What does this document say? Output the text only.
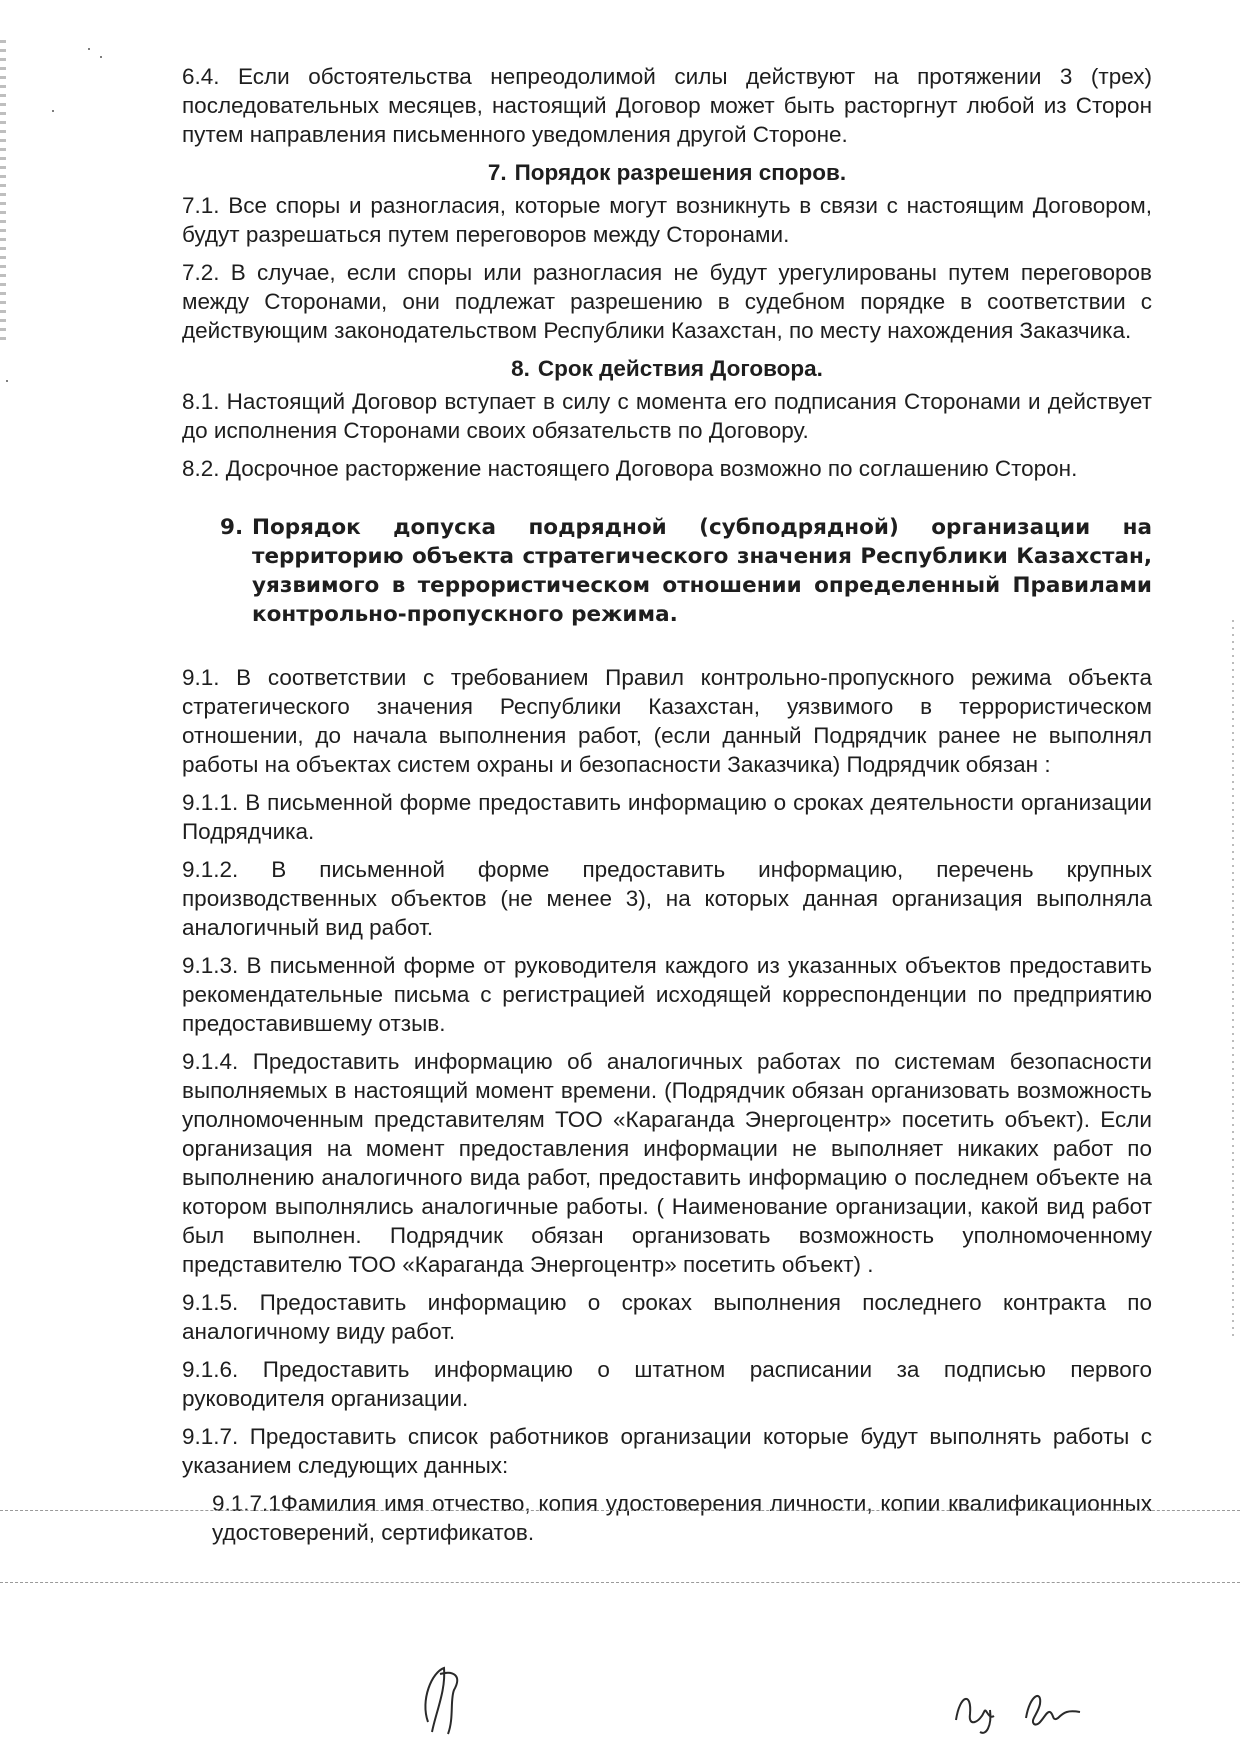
6.4. Если обстоятельства непреодолимой силы действуют на протяжении 3 (трех) последовательных месяцев, настоящий Договор может быть расторгнут любой из Сторон путем направления письменного уведомления другой Стороне.

7. Порядок разрешения споров.

7.1. Все споры и разногласия, которые могут возникнуть в связи с настоящим Договором, будут разрешаться путем переговоров между Сторонами.

7.2. В случае, если споры или разногласия не будут урегулированы путем переговоров между Сторонами, они подлежат разрешению в судебном порядке в соответствии с действующим законодательством Республики Казахстан, по месту нахождения Заказчика.

8. Срок действия Договора.

8.1. Настоящий Договор вступает в силу с момента его подписания Сторонами и действует до исполнения Сторонами своих обязательств по Договору.

8.2. Досрочное расторжение настоящего Договора возможно по соглашению Сторон.

9. Порядок допуска подрядной (субподрядной) организации на территорию объекта стратегического значения Республики Казахстан, уязвимого в террористическом отношении определенный Правилами контрольно-пропускного режима.

9.1. В соответствии с требованием Правил контрольно-пропускного режима объекта стратегического значения Республики Казахстан, уязвимого в террористическом отношении, до начала выполнения работ, (если данный Подрядчик ранее не выполнял работы на объектах систем охраны и безопасности Заказчика) Подрядчик обязан :

9.1.1. В письменной форме предоставить информацию о сроках деятельности организации Подрядчика.

9.1.2. В письменной форме предоставить информацию, перечень крупных производственных объектов (не менее 3), на которых данная организация выполняла аналогичный вид работ.

9.1.3. В письменной форме от руководителя каждого из указанных объектов предоставить рекомендательные письма с регистрацией исходящей корреспонденции по предприятию предоставившему отзыв.

9.1.4. Предоставить информацию об аналогичных работах по системам безопасности выполняемых в настоящий момент времени. (Подрядчик обязан организовать возможность уполномоченным представителям ТОО «Караганда Энергоцентр» посетить объект). Если организация на момент предоставления информации не выполняет никаких работ по выполнению аналогичного вида работ, предоставить информацию о последнем объекте на котором выполнялись аналогичные работы. ( Наименование организации, какой вид работ был выполнен. Подрядчик обязан организовать возможность уполномоченному представителю ТОО «Караганда Энергоцентр» посетить объект) .

9.1.5. Предоставить информацию о сроках выполнения последнего контракта по аналогичному виду работ.

9.1.6. Предоставить информацию о штатном расписании за подписью первого руководителя организации.

9.1.7. Предоставить список работников организации которые будут выполнять работы с указанием следующих данных:

9.1.7.1Фамилия имя отчество, копия удостоверения личности, копии квалификационных удостоверений, сертификатов.
